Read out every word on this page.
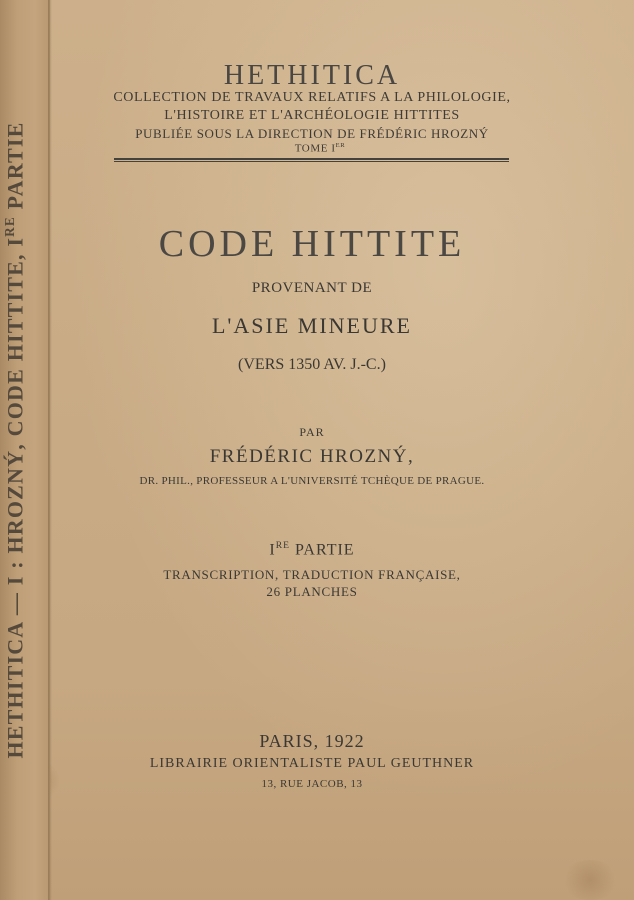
HETHITICA — I : HROZNÝ, CODE HITTITE, IRE PARTIE
HETHITICA
COLLECTION DE TRAVAUX RELATIFS A LA PHILOLOGIE,
L'HISTOIRE ET L'ARCHÉOLOGIE HITTITES
PUBLIÉE SOUS LA DIRECTION DE FRÉDÉRIC HROZNÝ
TOME IER
CODE HITTITE
PROVENANT DE
L'ASIE MINEURE
(VERS 1350 AV. J.-C.)
PAR
FRÉDÉRIC HROZNÝ,
DR. PHIL., PROFESSEUR A L'UNIVERSITÉ TCHÈQUE DE PRAGUE.
IRE PARTIE
TRANSCRIPTION, TRADUCTION FRANÇAISE,
26 PLANCHES
PARIS, 1922
LIBRAIRIE ORIENTALISTE PAUL GEUTHNER
13, RUE JACOB, 13
